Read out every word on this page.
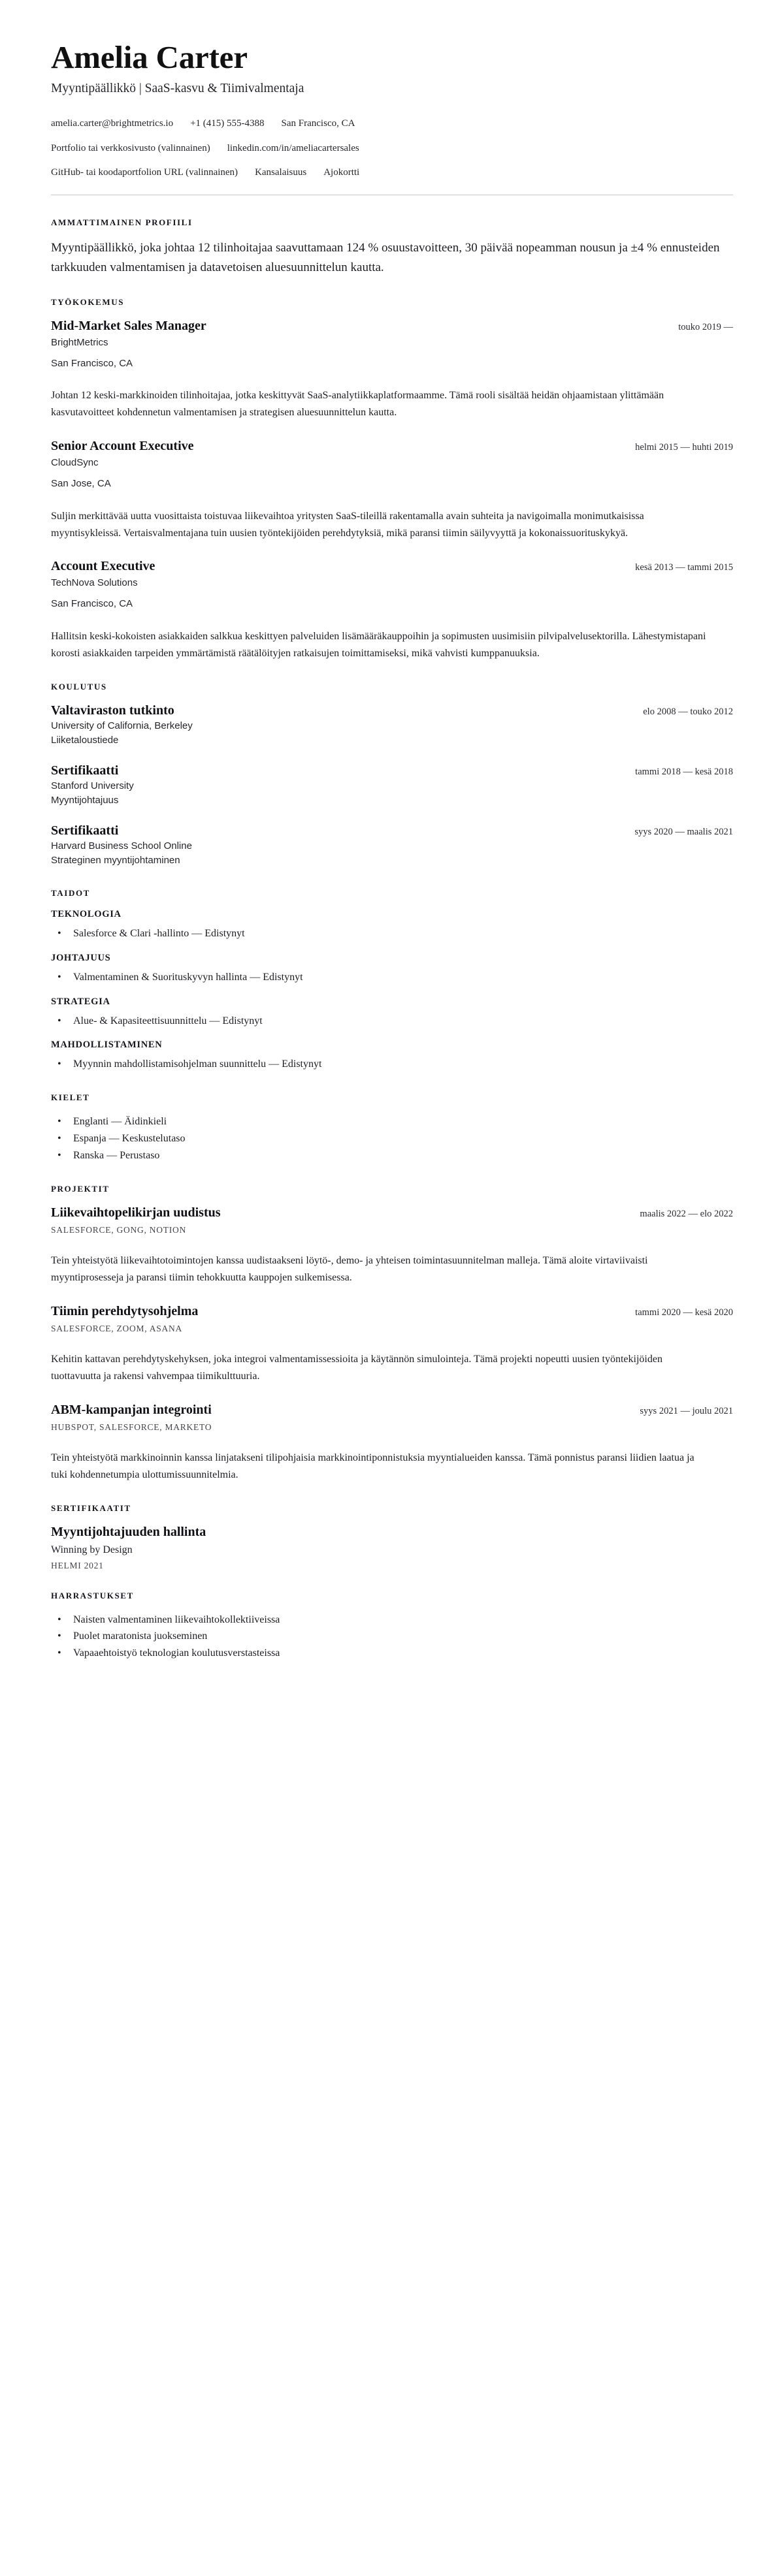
Amelia Carter
Myyntipäällikkö | SaaS-kasvu & Tiimivalmentaja
amelia.carter@brightmetrics.io +1 (415) 555-4388 San Francisco, CA
Portfolio tai verkkosivusto (valinnainen) linkedin.com/in/ameliacartersales
GitHub- tai koodaportfolion URL (valinnainen) Kansalaisuus Ajokortti
AMMATTIMAINEN PROFIILI

Myyntipäällikkö, joka johtaa 12 tilinhoitajaa saavuttamaan 124 % osuustavoitteen, 30 päivää nopeamman nousun ja ±4 % ennusteiden tarkkuuden valmentamisen ja datavetoisen aluesuunnittelun kautta.

TYÖKOKEMUS
Mid-Market Sales Manager	touko 2019 —
BrightMetrics
San Francisco, CA
Johtan 12 keski-markkinoiden tilinhoitajaa, jotka keskittyvät SaaS-analytiikkaplatformaamme. Tämä rooli sisältää heidän ohjaamistaan ylittämään kasvutavoitteet kohdennetun valmentamisen ja strategisen aluesuunnittelun kautta.
Senior Account Executive	helmi 2015 — huhti 2019
CloudSync
San Jose, CA
Suljin merkittävää uutta vuosittaista toistuvaa liikevaihtoa yritysten SaaS-tileillä rakentamalla avain suhteita ja navigoimalla monimutkaisissa myyntisykleissä. Vertaisvalmentajana tuin uusien työntekijöiden perehdytyksiä, mikä paransi tiimin säilyvyyttä ja kokonaissuorituskykyä.
Account Executive	kesä 2013 — tammi 2015
TechNova Solutions
San Francisco, CA
Hallitsin keski-kokoisten asiakkaiden salkkua keskittyen palveluiden lisämääräkauppoihin ja sopimusten uusimisiin pilvipalvelusektorilla. Lähestymistapani korosti asiakkaiden tarpeiden ymmärtämistä räätälöityjen ratkaisujen toimittamiseksi, mikä vahvisti kumppanuuksia.
KOULUTUS
Valtaviraston tutkinto	elo 2008 — touko 2012
University of California, Berkeley
Liiketaloustiede
Sertifikaatti	tammi 2018 — kesä 2018
Stanford University
Myyntijohtajuus
Sertifikaatti	syys 2020 — maalis 2021
Harvard Business School Online
Strateginen myyntijohtaminen
TAIDOT
TEKNOLOGIA
• Salesforce & Clari -hallinto — Edistynyt
JOHTAJUUS
• Valmentaminen & Suorituskyvyn hallinta — Edistynyt
STRATEGIA
• Alue- & Kapasiteettisuunnittelu — Edistynyt
MAHDOLLISTAMINEN
• Myynnin mahdollistamisohjelman suunnittelu — Edistynyt
KIELET
• Englanti — Äidinkieli
• Espanja — Keskustelutaso
• Ranska — Perustaso
PROJEKTIT
Liikevaihtopelikirjan uudistus	maalis 2022 — elo 2022
SALESFORCE, GONG, NOTION
Tein yhteistyötä liikevaihtotoimintojen kanssa uudistaakseni löytö-, demo- ja yhteisen toimintasuunnitelman malleja. Tämä aloite virtaviivaisti myyntiprosesseja ja paransi tiimin tehokkuutta kauppojen sulkemisessa.
Tiimin perehdytysohjelma	tammi 2020 — kesä 2020
SALESFORCE, ZOOM, ASANA
Kehitin kattavan perehdytyskehyksen, joka integroi valmentamissessioita ja käytännön simulointeja. Tämä projekti nopeutti uusien työntekijöiden tuottavuutta ja rakensi vahvempaa tiimikulttuuria.
ABM-kampanjan integrointi	syys 2021 — joulu 2021
HUBSPOT, SALESFORCE, MARKETO
Tein yhteistyötä markkinoinnin kanssa linjatakseni tilipohjaisia markkinointiponnistuksia myyntialueiden kanssa. Tämä ponnistus paransi liidien laatua ja tuki kohdennetumpia ulottumissuunnitelmia.
SERTIFIKAATIT
Myyntijohtajuuden hallinta
Winning by Design
HELMI 2021
HARRASTUKSET
• Naisten valmentaminen liikevaihtokollektiiveissa
• Puolet maratonista juokseminen
• Vapaaehtoistyö teknologian koulutusverstasteissa
